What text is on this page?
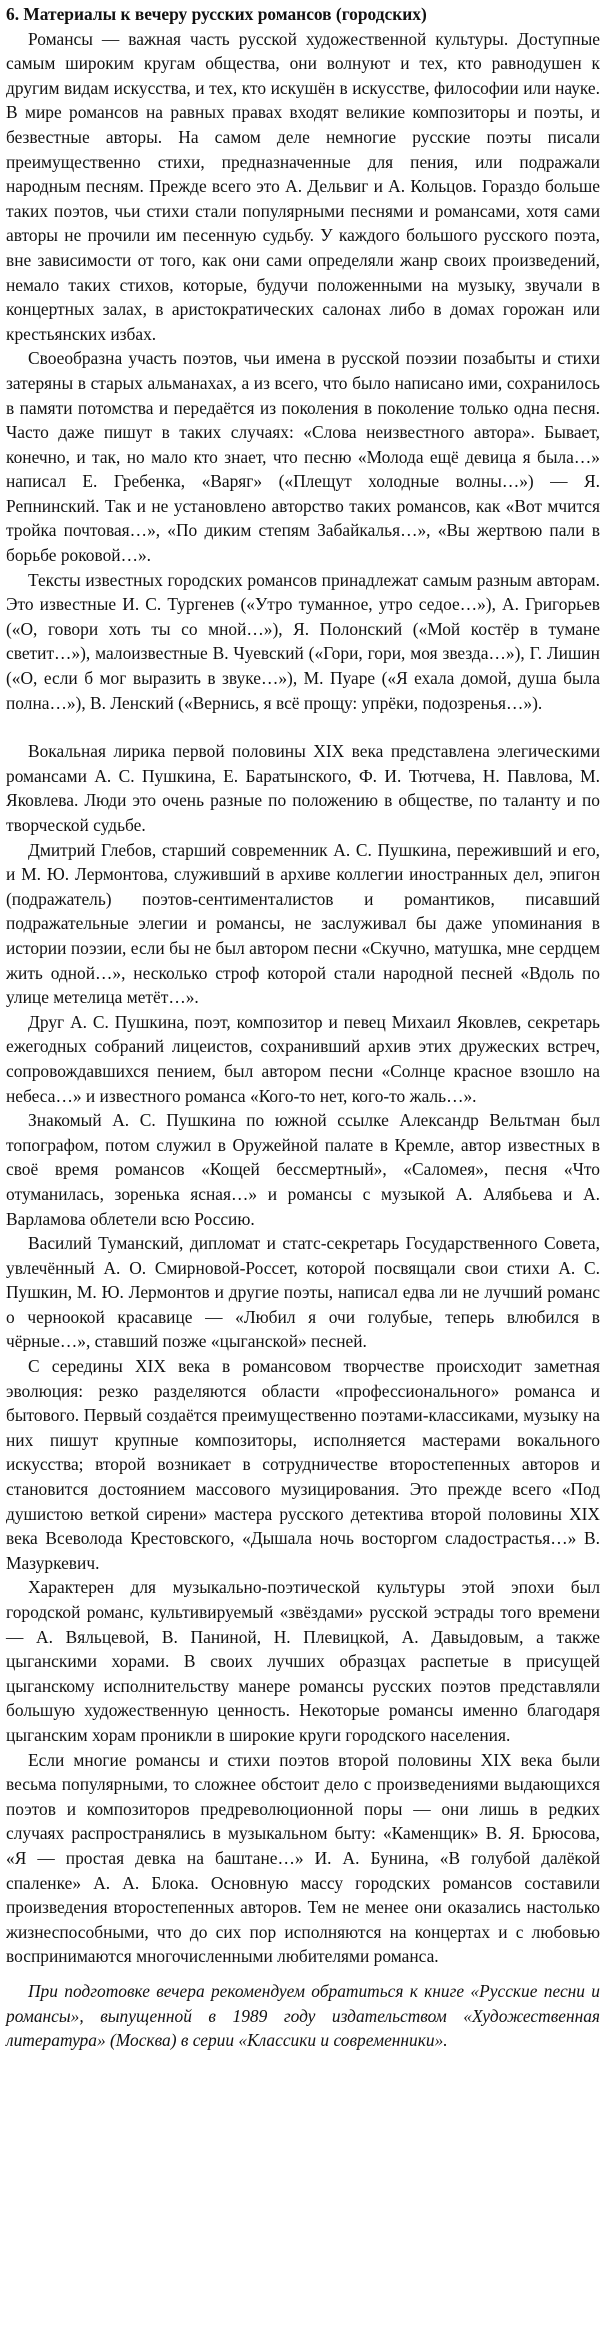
6. Материалы к вечеру русских романсов (городских)

Романсы — важная часть русской художественной культуры. Доступные самым широким кругам общества, они волнуют и тех, кто равнодушен к другим видам искусства, и тех, кто искушён в искусстве, философии или науке. В мире романсов на равных правах входят великие композиторы и поэты, и безвестные авторы. На самом деле немногие русские поэты писали преимущественно стихи, предназначенные для пения, или подражали народным песням. Прежде всего это А. Дельвиг и А. Кольцов. Гораздо больше таких поэтов, чьи стихи стали популярными песнями и романсами, хотя сами авторы не прочили им песенную судьбу. У каждого большого русского поэта, вне зависимости от того, как они сами определяли жанр своих произведений, немало таких стихов, которые, будучи положенными на музыку, звучали в концертных залах, в аристократических салонах либо в домах горожан или крестьянских избах.

Своеобразна участь поэтов, чьи имена в русской поэзии позабыты и стихи затеряны в старых альманахах, а из всего, что было написано ими, сохранилось в памяти потомства и передаётся из поколения в поколение только одна песня. Часто даже пишут в таких случаях: «Слова неизвестного автора». Бывает, конечно, и так, но мало кто знает, что песню «Молода ещё девица я была…» написал Е. Гребенка, «Варяг» («Плещут холодные волны…») — Я. Репнинский. Так и не установлено авторство таких романсов, как «Вот мчится тройка почтовая…», «По диким степям Забайкалья…», «Вы жертвою пали в борьбе роковой…».

Тексты известных городских романсов принадлежат самым разным авторам. Это известные И. С. Тургенев («Утро туманное, утро седое…»), А. Григорьев («О, говори хоть ты со мной…»), Я. Полонский («Мой костёр в тумане светит…»), малоизвестные В. Чуевский («Гори, гори, моя звезда…»), Г. Лишин («О, если б мог выразить в звуке…»), М. Пуаре («Я ехала домой, душа была полна…»), В. Ленский («Вернись, я всё прощу: упрёки, подозренья…»).

Вокальная лирика первой половины XIX века представлена элегическими романсами А. С. Пушкина, Е. Баратынского, Ф. И. Тютчева, Н. Павлова, М. Яковлева. Люди это очень разные по положению в обществе, по таланту и по творческой судьбе.

Дмитрий Глебов, старший современник А. С. Пушкина, переживший и его, и М. Ю. Лермонтова, служивший в архиве коллегии иностранных дел, эпигон (подражатель) поэтов-сентименталистов и романтиков, писавший подражательные элегии и романсы, не заслуживал бы даже упоминания в истории поэзии, если бы не был автором песни «Скучно, матушка, мне сердцем жить одной…», несколько строф которой стали народной песней «Вдоль по улице метелица метёт…».

Друг А. С. Пушкина, поэт, композитор и певец Михаил Яковлев, секретарь ежегодных собраний лицеистов, сохранивший архив этих дружеских встреч, сопровождавшихся пением, был автором песни «Солнце красное взошло на небеса…» и известного романса «Кого-то нет, кого-то жаль…».

Знакомый А. С. Пушкина по южной ссылке Александр Вельтман был топографом, потом служил в Оружейной палате в Кремле, автор известных в своё время романсов «Кощей бессмертный», «Саломея», песня «Что отуманилась, зоренька ясная…» и романсы с музыкой А. Алябьева и А. Варламова облетели всю Россию.

Василий Туманский, дипломат и статс-секретарь Государственного Совета, увлечённый А. О. Смирновой-Россет, которой посвящали свои стихи А. С. Пушкин, М. Ю. Лермонтов и другие поэты, написал едва ли не лучший романс о черноокой красавице — «Любил я очи голубые, теперь влюбился в чёрные…», ставший позже «цыганской» песней.

С середины XIX века в романсовом творчестве происходит заметная эволюция: резко разделяются области «профессионального» романса и бытового. Первый создаётся преимущественно поэтами-классиками, музыку на них пишут крупные композиторы, исполняется мастерами вокального искусства; второй возникает в сотрудничестве второстепенных авторов и становится достоянием массового музицирования. Это прежде всего «Под душистою веткой сирени» мастера русского детектива второй половины XIX века Всеволода Крестовского, «Дышала ночь восторгом сладострастья…» В. Мазуркевич.

Характерен для музыкально-поэтической культуры этой эпохи был городской романс, культивируемый «звёздами» русской эстрады того времени — А. Вяльцевой, В. Паниной, Н. Плевицкой, А. Давыдовым, а также цыганскими хорами. В своих лучших образцах распетые в присущей цыганскому исполнительству манере романсы русских поэтов представляли большую художественную ценность. Некоторые романсы именно благодаря цыганским хорам проникли в широкие круги городского населения.

Если многие романсы и стихи поэтов второй половины XIX века были весьма популярными, то сложнее обстоит дело с произведениями выдающихся поэтов и композиторов предреволюционной поры — они лишь в редких случаях распространялись в музыкальном быту: «Каменщик» В. Я. Брюсова, «Я — простая девка на баштане…» И. А. Бунина, «В голубой далёкой спаленке» А. А. Блока. Основную массу городских романсов составили произведения второстепенных авторов. Тем не менее они оказались настолько жизнеспособными, что до сих пор исполняются на концертах и с любовью воспринимаются многочисленными любителями романса.

При подготовке вечера рекомендуем обратиться к книге «Русские песни и романсы», выпущенной в 1989 году издательством «Художественная литература» (Москва) в серии «Классики и современники».
